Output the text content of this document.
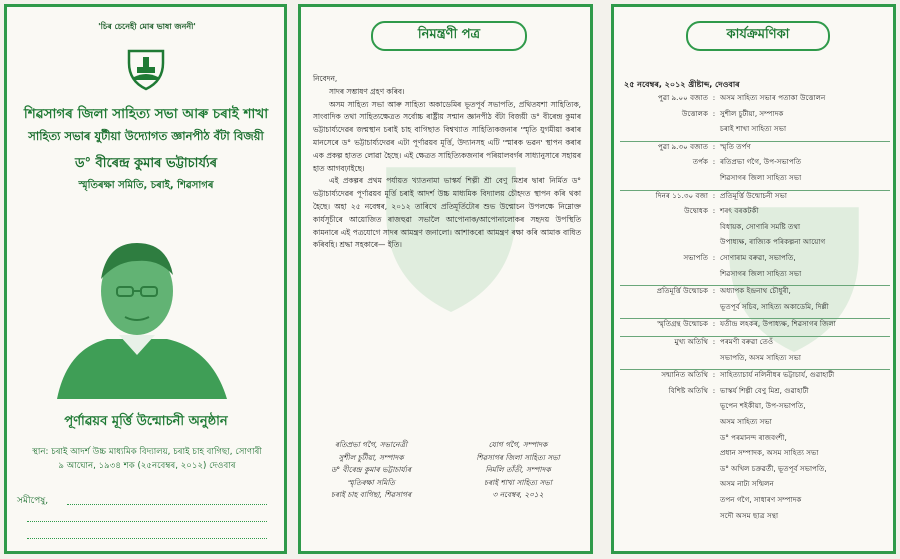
'চিৰ চেনেহী মোৰ ভাষা জননী'
শিৱসাগৰ জিলা সাহিত্য সভা আৰু চৰাই শাখা
সাহিত্য সভাৰ যুটীয়া উদ্যোগত জ্ঞানপীঠ বঁটা বিজয়ী
ড° বীৰেন্দ্ৰ কুমাৰ ভট্টাচাৰ্য্যৰ
স্মৃতিৰক্ষা সমিতি, চৰাই, শিৱসাগৰ
পূৰ্ণাৱয়ব মূৰ্ত্তি উন্মোচনী অনুষ্ঠান
স্থান: চৰাই আদৰ্শ উচ্চ মাধ্যমিক বিদ্যালয়, চৰাই চাহ বাগিছা, সোণাৰী
৯ আঘোন, ১৯৩৪ শক (২৫নবেম্বৰ, ২০১২) দেওবাৰ
সমীপেষু,
নিমন্ত্ৰণী পত্ৰ

নিবেদন,

সাদৰ সম্ভাষণ গ্ৰহণ কৰিব।

অসম সাহিত্য সভা আৰু সাহিত্য অকাডেমিৰ ভূতপূৰ্ব সভাপতি, প্ৰথিতযশা সাহিত্যিক, সাংবাদিক তথা সাহিত্যক্ষেত্ৰত সৰ্বোচ্চ ৰাষ্ট্ৰীয় সন্মান জ্ঞানপীঠ বঁটা বিজয়ী ড° বীৰেন্দ্ৰ কুমাৰ ভট্টাচাৰ্য্যদেৱৰ জন্মস্থান চৰাই চাহ বাগিছাত বিশ্বখ্যাত সাহিত্যিকজনাৰ 'স্মৃতি যুগমীয়া কৰাৰ মানসেৰে ড° ভট্টাচাৰ্য্যদেৱৰ এটা পূৰ্ণাৱয়ব মূৰ্ত্তি, উদ্যানসহ এটি 'স্মাৰক ভৱন' স্থাপন কৰাৰ এক প্ৰকল্প হাতত লোৱা হৈছে। এই ক্ষেত্ৰত সাহিত্যিকজনাৰ পৰিয়ালবৰ্গৰ সাধ্যানুসাৰে সহায়ৰ হাত আগবঢ়াইছে।

এই প্ৰকল্পৰ প্ৰথম পৰ্যায়ত খ্যাতনামা ভাস্কৰ্য শিল্পী শ্ৰী বেণু মিশ্ৰৰ দ্বাৰা নিৰ্মিত ড° ভট্টাচাৰ্য্যদেৱৰ পূৰ্ণাৱয়ব মূৰ্ত্তি চৰাই আদৰ্শ উচ্চ মাধ্যমিক বিদ্যালয় চৌহদত স্থাপন কৰি থকা হৈছে। অহা ২৫ নবেম্বৰ, ২০১২ তাৰিখে প্ৰতিমূৰ্তিটোৰ শুভ উন্মোচন উপলক্ষে নিম্নোক্ত কাৰ্যসূচীৰে আয়োজিত ৰাজহুৱা সভালৈ আপোনাক/আপোনালোকৰ সহৃদয় উপস্থিতি কামনাৰে এই পত্ৰযোগে সাদৰ আমন্ত্ৰণ জনালো। আশাকৰো আমন্ত্ৰণ ৰক্ষা কৰি আমাক বাধিত কৰিবহি। শ্ৰদ্ধা সহকাৰে— ইতি।

ৰতিপ্ৰভা গগৈ, সভানেত্ৰী
সুশীল চুটীয়া, সম্পাদক
ড° বীৰেন্দ্ৰ কুমাৰ ভট্টাচাৰ্য্যৰ
স্মৃতিৰক্ষা সমিতি
চৰাই চাহ বাগিছা, শিৱসাগৰ
যোগ গগৈ, সম্পাদক
শিৱসাগৰ জিলা সাহিত্য সভা
নিৰ্মলি তাঁতী, সম্পাদক
চৰাই শাখা সাহিত্য সভা
৩ নবেম্বৰ, ২০১২
কাৰ্যক্ৰমণিকা
২৫ নবেম্বৰ, ২০১২ খ্ৰীষ্টাব্দ, দেওবাৰ
পুৱা ৯.০০ বজাত : অসম সাহিত্য সভাৰ পতাকা উত্তোলন
উত্তোলক : সুশীল চুটীয়া, সম্পাদক
চৰাই শাখা সাহিত্য সভা
পুৱা ৯.৩০ বজাত : স্মৃতি তৰ্পণ
তৰ্পক : ৰতিপ্ৰভা গগৈ, উপ-সভাপতি
শিৱসাগৰ জিলা সাহিত্য সভা
দিনৰ ১১.৩০ বজা : প্ৰতিমূৰ্ত্তি উন্মোচনী সভা
উদ্বোধক : শৰৎ বৰকটকী
বিধায়ক, সোণাৰি সমষ্টি তথা
উপাধ্যক্ষ, ৰাজ্যিক পৰিকল্পনা আয়োগ
সভাপতি : সোণাৰাম বৰুৱা, সভাপতি,
শিৱসাগৰ জিলা সাহিত্য সভা
প্ৰতিমূৰ্ত্তি উন্মোচক : অধ্যাপক ইন্দ্ৰনাথ চৌধুৰী,
ভূতপূৰ্ব সচিব, সাহিত্য অকাডেমি, দিল্লী
স্মৃতিগ্ৰন্থ উন্মোচক : যতীন্দ্ৰ লহকৰ, উপাধ্যক্ষ, শিৱসাগৰ জিলা
মুখ্য অতিথি : পৰমণী বৰুৱা তেওঁ
সভাপতি, অসম সাহিত্য সভা
সন্মানিত অতিথি : সাহিত্যাচাৰ্য নলিনীধৰ ভট্টাচাৰ্য, গুৱাহাটী
বিশিষ্ট অতিথি : ভাস্কৰ্য শিল্পী বেণু মিশ্ৰ, গুৱাহাটী
ভূপেন শইকীয়া, উপ-সভাপতি,
অসম সাহিত্য সভা
ড° পৰমানন্দ ৰাজবংশী,
প্ৰধান সম্পাদক, অসম সাহিত্য সভা
ড° অখিল চক্ৰৱৰ্তী, ভূতপূৰ্ব সভাপতি,
অসম নাট্য সন্মিলন
তপন গগৈ, সাধাৰণ সম্পাদক
সদৌ অসম ছাত্ৰ সন্থা
